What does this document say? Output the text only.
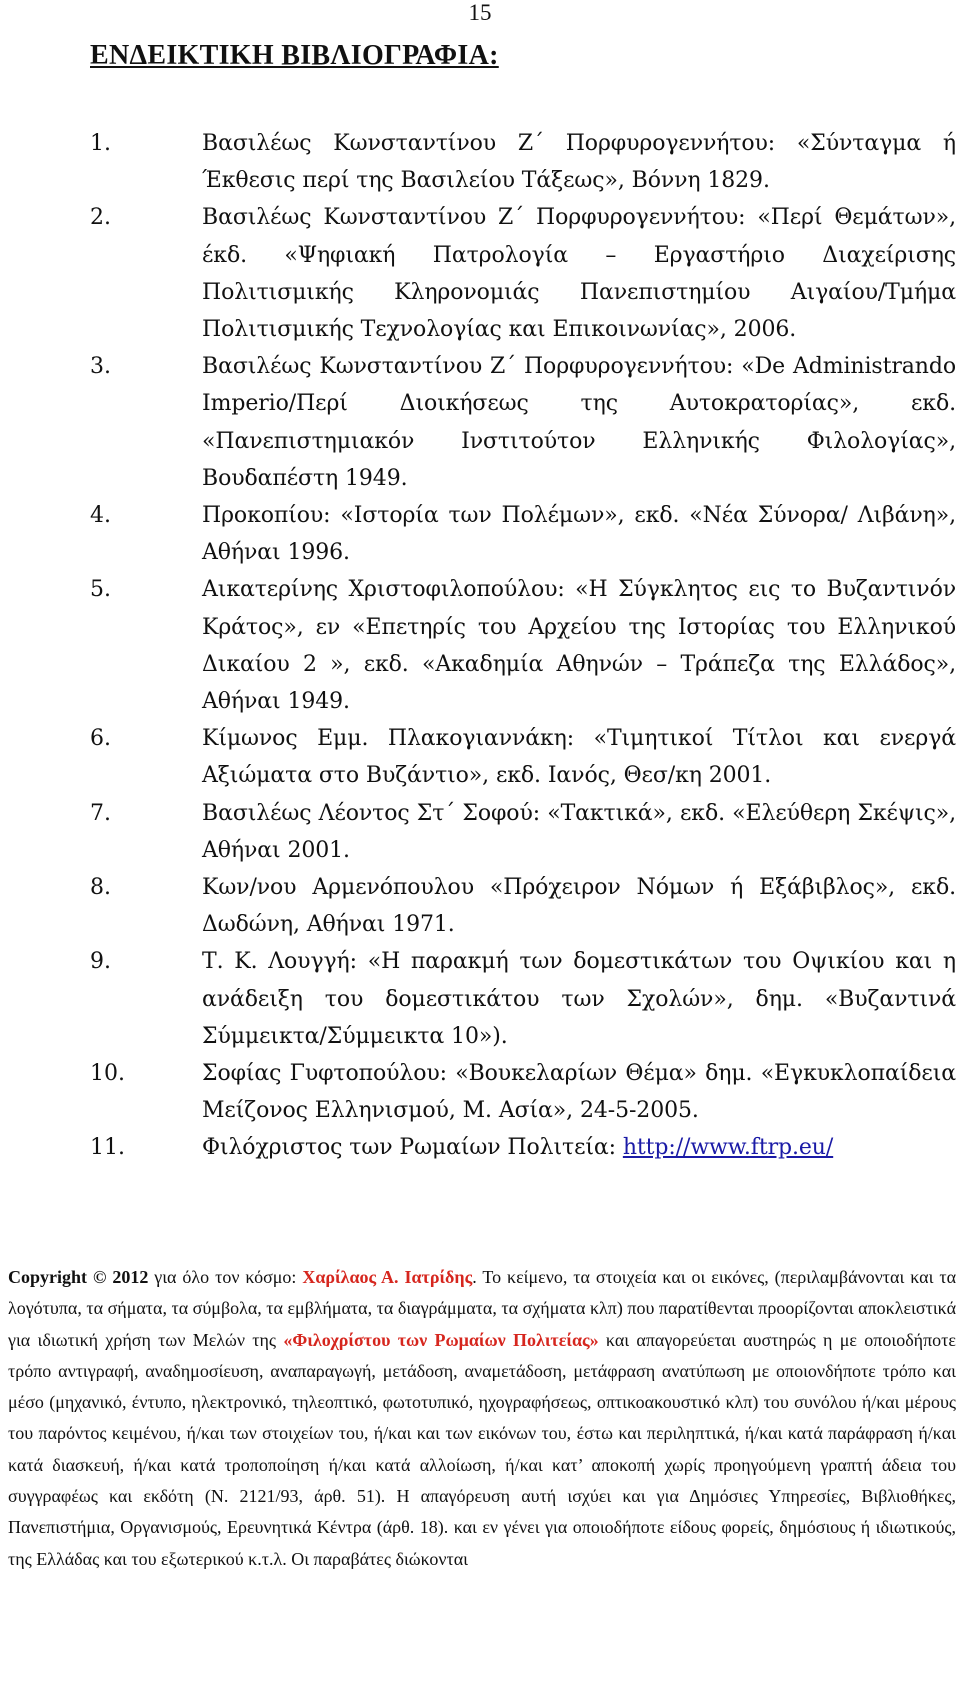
15
ΕΝΔΕΙΚΤΙΚΗ ΒΙΒΛΙΟΓΡΑΦΙΑ:
1.	Βασιλέως Κωνσταντίνου Ζ΄ Πορφυρογεννήτου: «Σύνταγμα ή Έκθεσις περί της Βασιλείου Τάξεως», Βόννη 1829.
2.	Βασιλέως Κωνσταντίνου Ζ΄ Πορφυρογεννήτου: «Περί Θεμάτων», έκδ. «Ψηφιακή Πατρολογία – Εργαστήριο Διαχείρισης Πολιτισμικής Κληρονομιάς Πανεπιστημίου Αιγαίου/Τμήμα Πολιτισμικής Τεχνολογίας και Επικοινωνίας», 2006.
3.	Βασιλέως Κωνσταντίνου Ζ΄ Πορφυρογεννήτου: «De Administrando Imperio/Περί Διοικήσεως της Αυτοκρατορίας», εκδ. «Πανεπιστημιακόν Ινστιτούτον Ελληνικής Φιλολογίας», Βουδαπέστη 1949.
4.	Προκοπίου: «Ιστορία των Πολέμων», εκδ. «Νέα Σύνορα/ Λιβάνη», Αθήναι 1996.
5.	Αικατερίνης Χριστοφιλοπούλου: «Η Σύγκλητος εις το Βυζαντινόν Κράτος», εν «Επετηρίς του Αρχείου της Ιστορίας του Ελληνικού Δικαίου 2 », εκδ. «Ακαδημία Αθηνών – Τράπεζα της Ελλάδος», Αθήναι 1949.
6.	Κίμωνος Εμμ. Πλακογιαννάκη: «Τιμητικοί Τίτλοι και ενεργά Αξιώματα στο Βυζάντιο», εκδ. Ιανός, Θεσ/κη 2001.
7.	Βασιλέως Λέοντος Στ΄ Σοφού: «Τακτικά», εκδ. «Ελεύθερη Σκέψις», Αθήναι 2001.
8.	Κων/νου Αρμενόπουλου «Πρόχειρον Νόμων ή Εξάβιβλος», εκδ. Δωδώνη, Αθήναι 1971.
9.	Τ. Κ. Λουγγή: «Η παρακμή των δομεστικάτων του Οψικίου και η ανάδειξη του δομεστικάτου των Σχολών», δημ. «Βυζαντινά Σύμμεικτα/Σύμμεικτα 10»).
10.	Σοφίας Γυφτοπούλου: «Βουκελαρίων Θέμα» δημ. «Εγκυκλοπαίδεια Μείζονος Ελληνισμού, Μ. Ασία», 24-5-2005.
11.	Φιλόχριστος των Ρωμαίων Πολιτεία: http://www.ftrp.eu/
Copyright © 2012 για όλο τον κόσμο: Χαρίλαος Α. Ιατρίδης. Το κείμενο, τα στοιχεία και οι εικόνες, (περιλαμβάνονται και τα λογότυπα, τα σήματα, τα σύμβολα, τα εμβλήματα, τα διαγράμματα, τα σχήματα κλπ) που παρατίθενται προορίζονται αποκλειστικά για ιδιωτική χρήση των Μελών της «Φιλοχρίστου των Ρωμαίων Πολιτείας» και απαγορεύεται αυστηρώς η με οποιοδήποτε τρόπο αντιγραφή, αναδημοσίευση, αναπαραγωγή, μετάδοση, αναμετάδοση, μετάφραση ανατύπωση με οποιονδήποτε τρόπο και μέσο (μηχανικό, έντυπο, ηλεκτρονικό, τηλεοπτικό, φωτοτυπικό, ηχογραφήσεως, οπτικοακουστικό κλπ) του συνόλου ή/και μέρους του παρόντος κειμένου, ή/και των στοιχείων του, ή/και και των εικόνων του, έστω και περιληπτικά, ή/και κατά παράφραση ή/και κατά διασκευή, ή/και κατά τροποποίηση ή/και κατά αλλοίωση, ή/και κατ’ αποκοπή χωρίς προηγούμενη γραπτή άδεια του συγγραφέως και εκδότη (Ν. 2121/93, άρθ. 51). Η απαγόρευση αυτή ισχύει και για Δημόσιες Υπηρεσίες, Βιβλιοθήκες, Πανεπιστήμια, Οργανισμούς, Ερευνητικά Κέντρα (άρθ. 18). και εν γένει για οποιοδήποτε είδους φορείς, δημόσιους ή ιδιωτικούς, της Ελλάδας και του εξωτερικού κ.τ.λ. Οι παραβάτες διώκονται
